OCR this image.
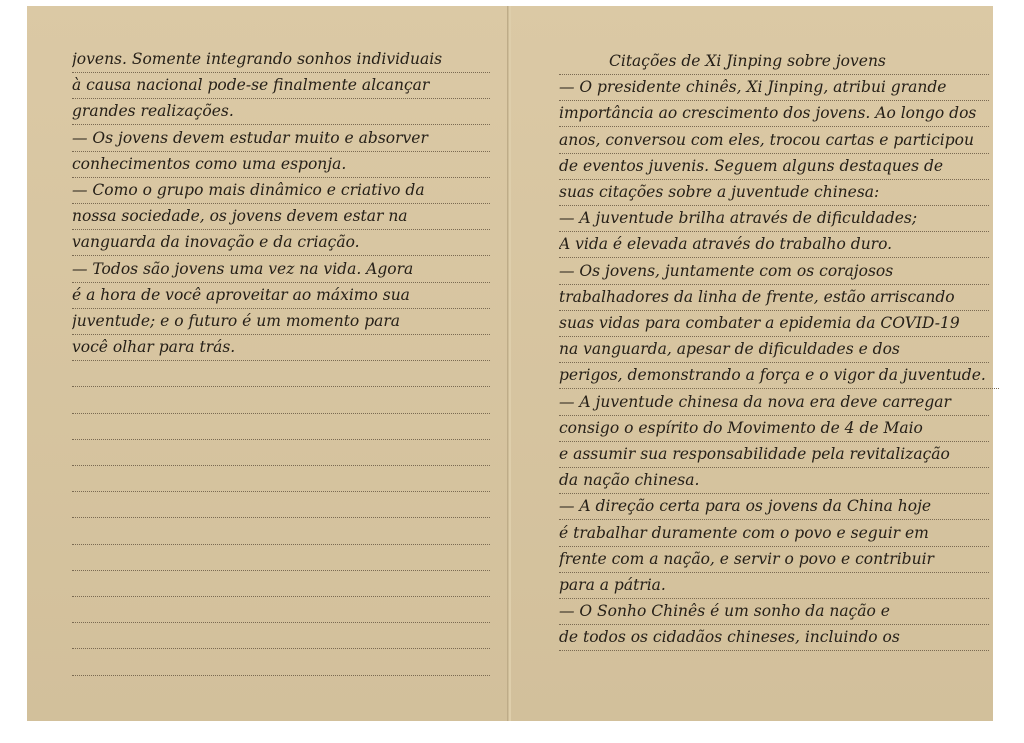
jovens. Somente integrando sonhos individuais
à causa nacional pode-se finalmente alcançar
grandes realizações.
— Os jovens devem estudar muito e absorver
conhecimentos como uma esponja.
— Como o grupo mais dinâmico e criativo da
nossa sociedade, os jovens devem estar na
vanguarda da inovação e da criação.
— Todos são jovens uma vez na vida. Agora
é a hora de você aproveitar ao máximo sua
juventude; e o futuro é um momento para
você olhar para trás.
Citações de Xi Jinping sobre jovens
— O presidente chinês, Xi Jinping, atribui grande
importância ao crescimento dos jovens. Ao longo dos
anos, conversou com eles, trocou cartas e participou
de eventos juvenis. Seguem alguns destaques de
suas citações sobre a juventude chinesa:
— A juventude brilha através de dificuldades;
A vida é elevada através do trabalho duro.
— Os jovens, juntamente com os corajosos
trabalhadores da linha de frente, estão arriscando
suas vidas para combater a epidemia da COVID-19
na vanguarda, apesar de dificuldades e dos
perigos, demonstrando a força e o vigor da juventude.
— A juventude chinesa da nova era deve carregar
consigo o espírito do Movimento de 4 de Maio
e assumir sua responsabilidade pela revitalização
da nação chinesa.
— A direção certa para os jovens da China hoje
é trabalhar duramente com o povo e seguir em
frente com a nação, e servir o povo e contribuir
para a pátria.
— O Sonho Chinês é um sonho da nação e
de todos os cidadãos chineses, incluindo os
